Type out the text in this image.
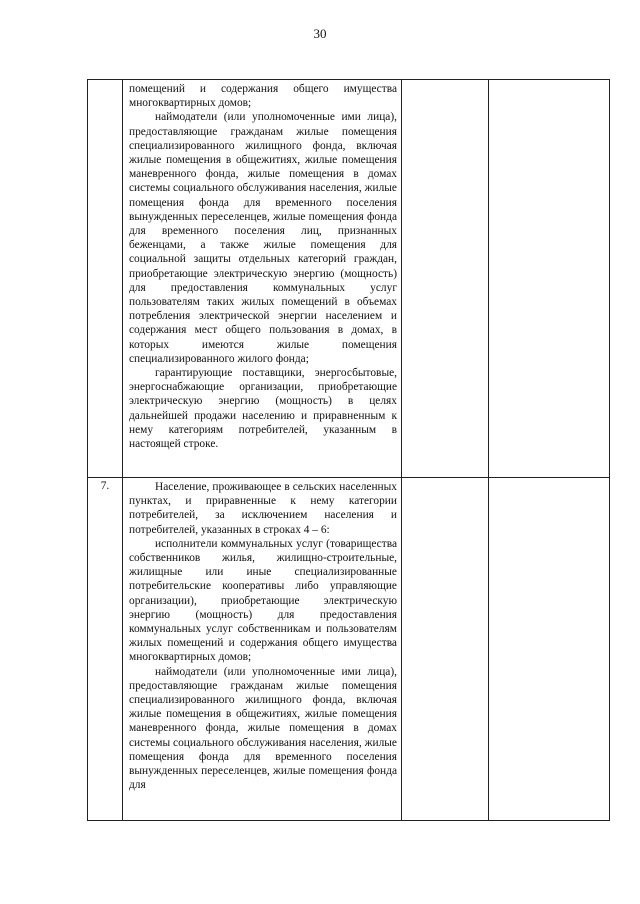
30

	помещений и содержания общего имущества многоквартирных домов;

наймодатели (или уполномоченные ими лица), предоставляющие гражданам жилые помещения специализированного жилищного фонда, включая жилые помещения в общежитиях, жилые помещения маневренного фонда, жилые помещения в домах системы социального обслуживания населения, жилые помещения фонда для временного поселения вынужденных переселенцев, жилые помещения фонда для временного поселения лиц, признанных беженцами, а также жилые помещения для социальной защиты отдельных категорий граждан, приобретающие электрическую энергию (мощность) для предоставления коммунальных услуг пользователям таких жилых помещений в объемах потребления электрической энергии населением и содержания мест общего пользования в домах, в которых имеются жилые помещения специализированного жилого фонда;

гарантирующие поставщики, энергосбытовые, энергоснабжающие организации, приобретающие электрическую энергию (мощность) в целях дальнейшей продажи населению и приравненным к нему категориям потребителей, указанным в настоящей строке.		

7.	Население, проживающее в сельских населенных пунктах, и приравненные к нему категории потребителей, за исключением населения и потребителей, указанных в строках 4 – 6:

исполнители коммунальных услуг (товарищества собственников жилья, жилищно-строительные, жилищные или иные специализированные потребительские кооперативы либо управляющие организации), приобретающие электрическую энергию (мощность) для предоставления коммунальных услуг собственникам и пользователям жилых помещений и содержания общего имущества многоквартирных домов;

наймодатели (или уполномоченные ими лица), предоставляющие гражданам жилые помещения специализированного жилищного фонда, включая жилые помещения в общежитиях, жилые помещения маневренного фонда, жилые помещения в домах системы социального обслуживания населения, жилые помещения фонда для временного поселения вынужденных переселенцев, жилые помещения фонда для		
